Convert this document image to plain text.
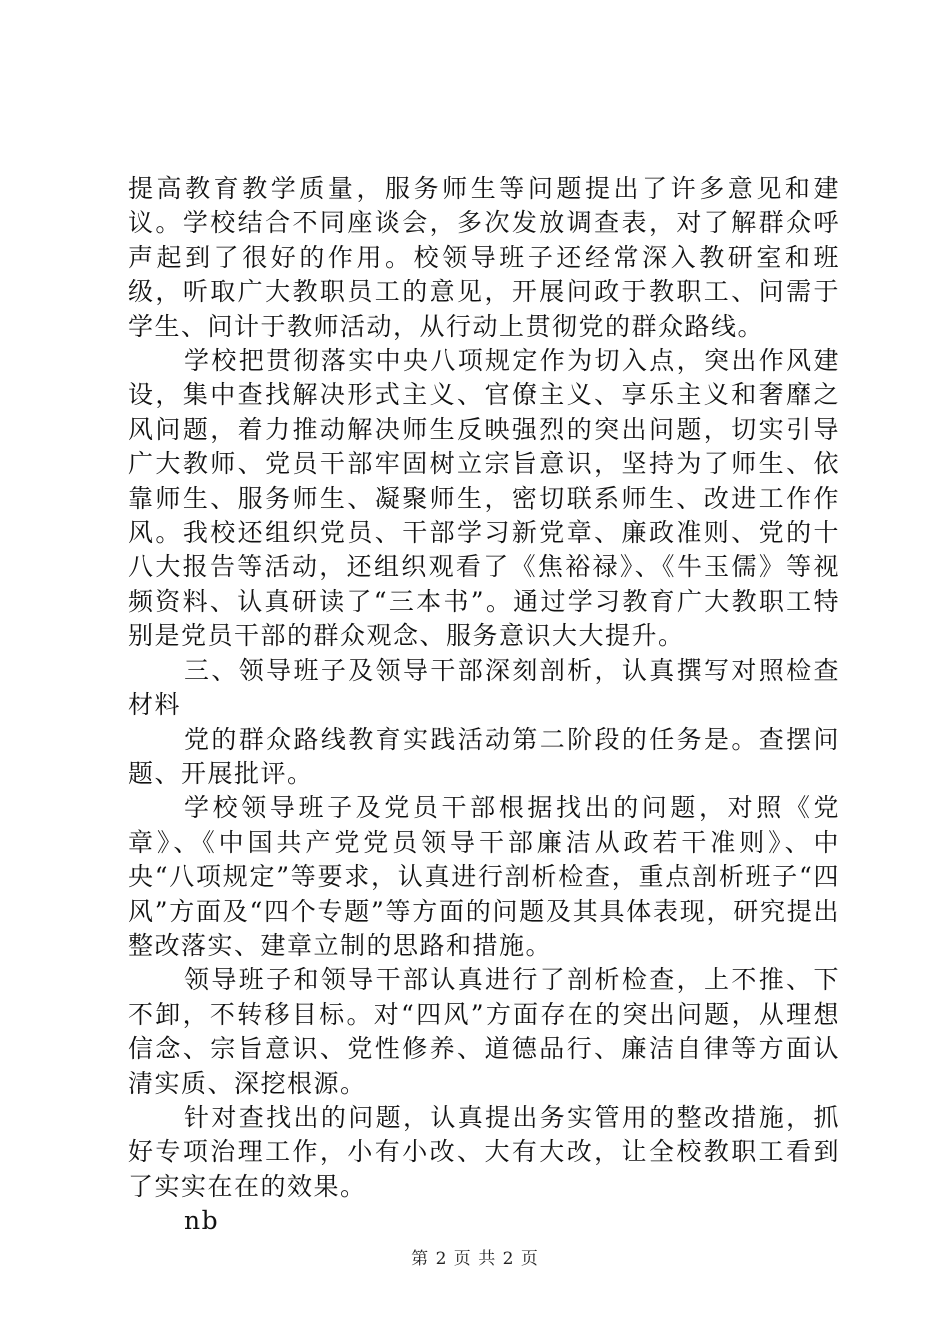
提高教育教学质量，服务师生等问题提出了许多意见和建议。学校结合不同座谈会，多次发放调查表，对了解群众呼声起到了很好的作用。校领导班子还经常深入教研室和班级，听取广大教职员工的意见，开展问政于教职工、问需于学生、问计于教师活动，从行动上贯彻党的群众路线。

学校把贯彻落实中央八项规定作为切入点，突出作风建设，集中查找解决形式主义、官僚主义、享乐主义和奢靡之风问题，着力推动解决师生反映强烈的突出问题，切实引导广大教师、党员干部牢固树立宗旨意识，坚持为了师生、依靠师生、服务师生、凝聚师生，密切联系师生、改进工作作风。我校还组织党员、干部学习新党章、廉政准则、党的十八大报告等活动，还组织观看了《焦裕禄》、《牛玉儒》等视频资料、认真研读了“三本书”。通过学习教育广大教职工特别是党员干部的群众观念、服务意识大大提升。

三、领导班子及领导干部深刻剖析，认真撰写对照检查材料

党的群众路线教育实践活动第二阶段的任务是。查摆问题、开展批评。

学校领导班子及党员干部根据找出的问题，对照《党章》、《中国共产党党员领导干部廉洁从政若干准则》、中央“八项规定”等要求，认真进行剖析检查，重点剖析班子“四风”方面及“四个专题”等方面的问题及其具体表现，研究提出整改落实、建章立制的思路和措施。

领导班子和领导干部认真进行了剖析检查，上不推、下不卸，不转移目标。对“四风”方面存在的突出问题，从理想信念、宗旨意识、党性修养、道德品行、廉洁自律等方面认清实质、深挖根源。

针对查找出的问题，认真提出务实管用的整改措施，抓好专项治理工作，小有小改、大有大改，让全校教职工看到了实实在在的效果。

nb

第 2 页 共 2 页
